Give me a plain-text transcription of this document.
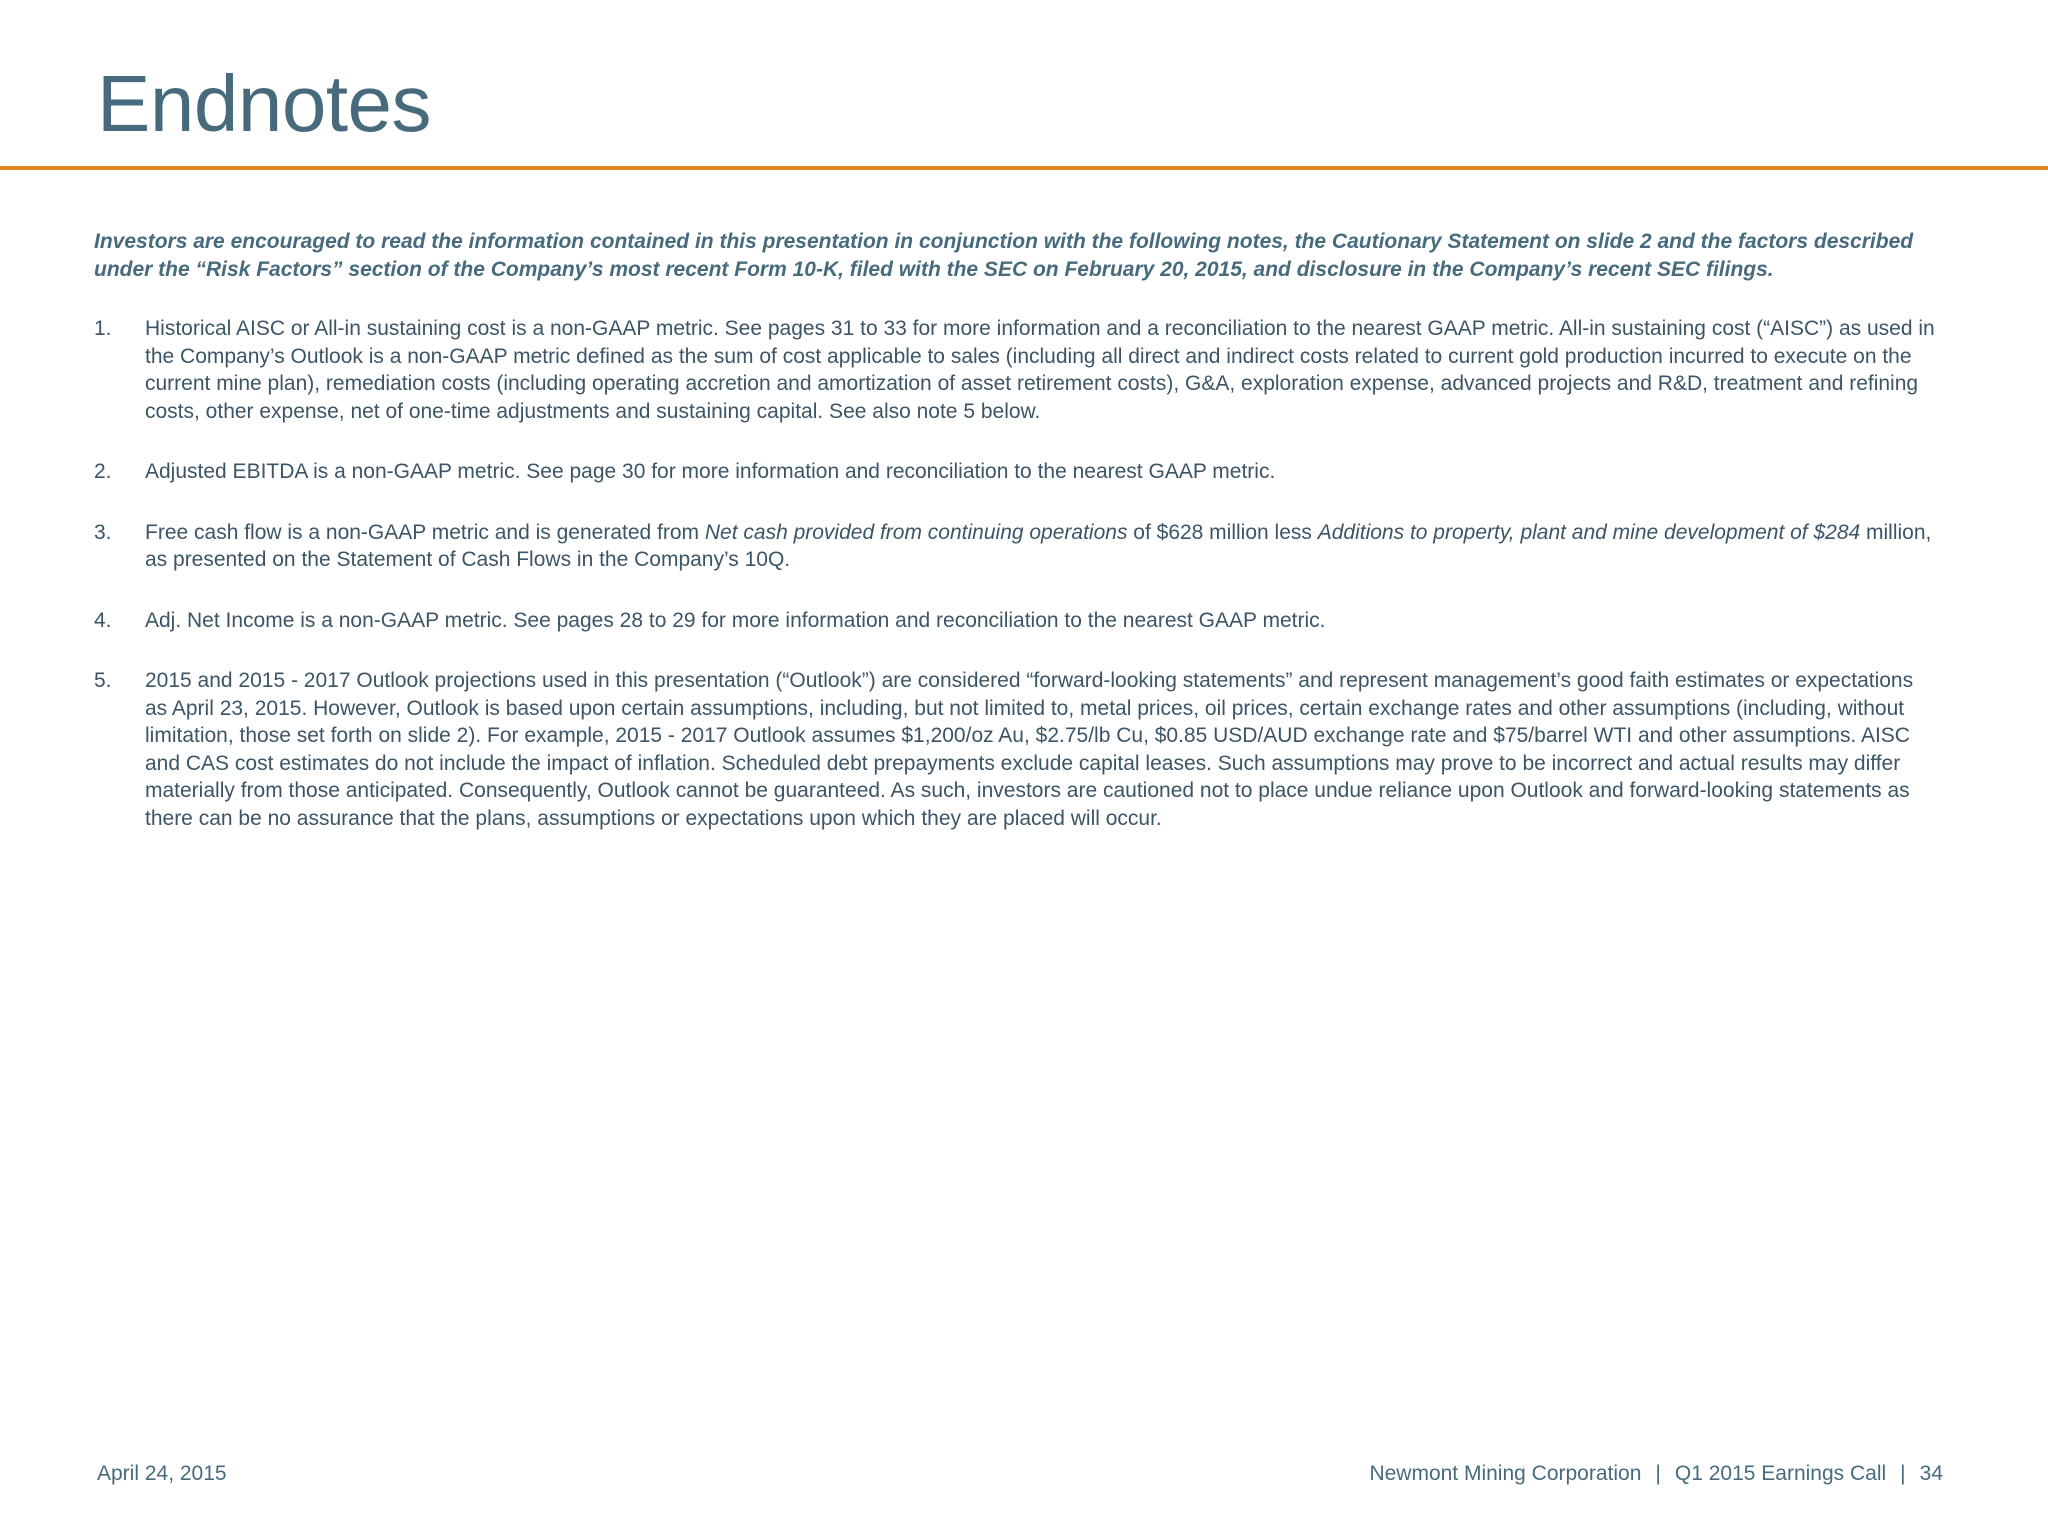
Endnotes

Investors are encouraged to read the information contained in this presentation in conjunction with the following notes, the Cautionary Statement on slide 2 and the factors described under the “Risk Factors” section of the Company’s most recent Form 10-K, filed with the SEC on February 20, 2015, and disclosure in the Company’s recent SEC filings.

1.	Historical AISC or All-in sustaining cost is a non-GAAP metric. See pages 31 to 33 for more information and a reconciliation to the nearest GAAP metric. All-in sustaining cost (“AISC”) as used in the Company’s Outlook is a non-GAAP metric defined as the sum of cost applicable to sales (including all direct and indirect costs related to current gold production incurred to execute on the current mine plan), remediation costs (including operating accretion and amortization of asset retirement costs), G&A, exploration expense, advanced projects and R&D, treatment and refining costs, other expense, net of one-time adjustments and sustaining capital. See also note 5 below.
2.	Adjusted EBITDA is a non-GAAP metric. See page 30 for more information and reconciliation to the nearest GAAP metric.
3.	Free cash flow is a non-GAAP metric and is generated from Net cash provided from continuing operations of $628 million less Additions to property, plant and mine development of $284 million, as presented on the Statement of Cash Flows in the Company’s 10Q.
4.	Adj. Net Income is a non-GAAP metric. See pages 28 to 29 for more information and reconciliation to the nearest GAAP metric.
5.	2015 and 2015 - 2017 Outlook projections used in this presentation (“Outlook”) are considered “forward-looking statements” and represent management’s good faith estimates or expectations as April 23, 2015. However, Outlook is based upon certain assumptions, including, but not limited to, metal prices, oil prices, certain exchange rates and other assumptions (including, without limitation, those set forth on slide 2). For example, 2015 - 2017 Outlook assumes $1,200/oz Au, $2.75/lb Cu, $0.85 USD/AUD exchange rate and $75/barrel WTI and other assumptions. AISC and CAS cost estimates do not include the impact of inflation. Scheduled debt prepayments exclude capital leases. Such assumptions may prove to be incorrect and actual results may differ materially from those anticipated. Consequently, Outlook cannot be guaranteed. As such, investors are cautioned not to place undue reliance upon Outlook and forward-looking statements as there can be no assurance that the plans, assumptions or expectations upon which they are placed will occur.
April 24, 2015	Newmont Mining Corporation | Q1 2015 Earnings Call | 34
